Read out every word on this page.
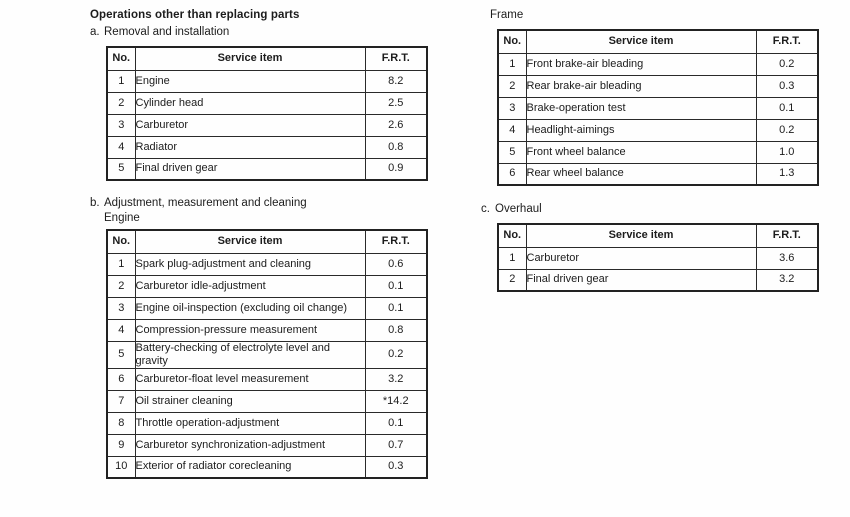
Operations other than replacing parts
a. Removal and installation
No.	Service item	F.R.T.
1	Engine	8.2
2	Cylinder head	2.5
3	Carburetor	2.6
4	Radiator	0.8
5	Final driven gear	0.9
b. Adjustment, measurement and cleaning
Engine
No.	Service item	F.R.T.
1	Spark plug-adjustment and cleaning	0.6
2	Carburetor idle-adjustment	0.1
3	Engine oil-inspection (excluding oil change)	0.1
4	Compression-pressure measurement	0.8
5	Battery-checking of electrolyte level and gravity	0.2
6	Carburetor-float level measurement	3.2
7	Oil strainer cleaning	*14.2
8	Throttle operation-adjustment	0.1
9	Carburetor synchronization-adjustment	0.7
10	Exterior of radiator corecleaning	0.3
Frame
No.	Service item	F.R.T.
1	Front brake-air bleading	0.2
2	Rear brake-air bleading	0.3
3	Brake-operation test	0.1
4	Headlight-aimings	0.2
5	Front wheel balance	1.0
6	Rear wheel balance	1.3
c. Overhaul
No.	Service item	F.R.T.
1	Carburetor	3.6
2	Final driven gear	3.2
